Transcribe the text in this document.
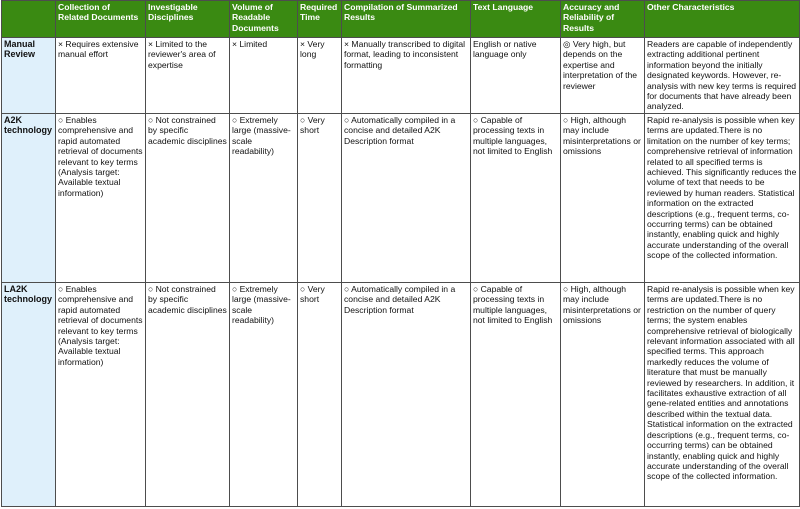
	Collection of Related Documents	Investigable Disciplines	Volume of Readable Documents	Required Time	Compilation of Summarized Results	Text Language	Accuracy and Reliability of Results	Other Characteristics
Manual Review	× Requires extensive manual effort	× Limited to the reviewer's area of expertise	× Limited	× Very long	× Manually transcribed to digital format, leading to inconsistent formatting	English or native language only	◎ Very high, but depends on the expertise and interpretation of the reviewer	Readers are capable of independently extracting additional pertinent information beyond the initially designated keywords. However, re-analysis with new key terms is required for documents that have already been analyzed.
A2K technology	○ Enables comprehensive and rapid automated retrieval of documents relevant to key terms (Analysis target: Available textual information)	○ Not constrained by specific academic disciplines	○ Extremely large (massive-scale readability)	○ Very short	○ Automatically compiled in a concise and detailed A2K Description format	○ Capable of processing texts in multiple languages, not limited to English	○ High, although may include misinterpretations or omissions	Rapid re-analysis is possible when key terms are updated.There is no limitation on the number of key terms; comprehensive retrieval of information related to all specified terms is achieved. This significantly reduces the volume of text that needs to be reviewed by human readers. Statistical information on the extracted descriptions (e.g., frequent terms, co-occurring terms) can be obtained instantly, enabling quick and highly accurate understanding of the overall scope of the collected information.
LA2K technology	○ Enables comprehensive and rapid automated retrieval of documents relevant to key terms (Analysis target: Available textual information)	○ Not constrained by specific academic disciplines	○ Extremely large (massive-scale readability)	○ Very short	○ Automatically compiled in a concise and detailed A2K Description format	○ Capable of processing texts in multiple languages, not limited to English	○ High, although may include misinterpretations or omissions	Rapid re-analysis is possible when key terms are updated.There is no restriction on the number of query terms; the system enables comprehensive retrieval of biologically relevant information associated with all specified terms. This approach markedly reduces the volume of literature that must be manually reviewed by researchers. In addition, it facilitates exhaustive extraction of all gene-related entities and annotations described within the textual data. Statistical information on the extracted descriptions (e.g., frequent terms, co-occurring terms) can be obtained instantly, enabling quick and highly accurate understanding of the overall scope of the collected information.
